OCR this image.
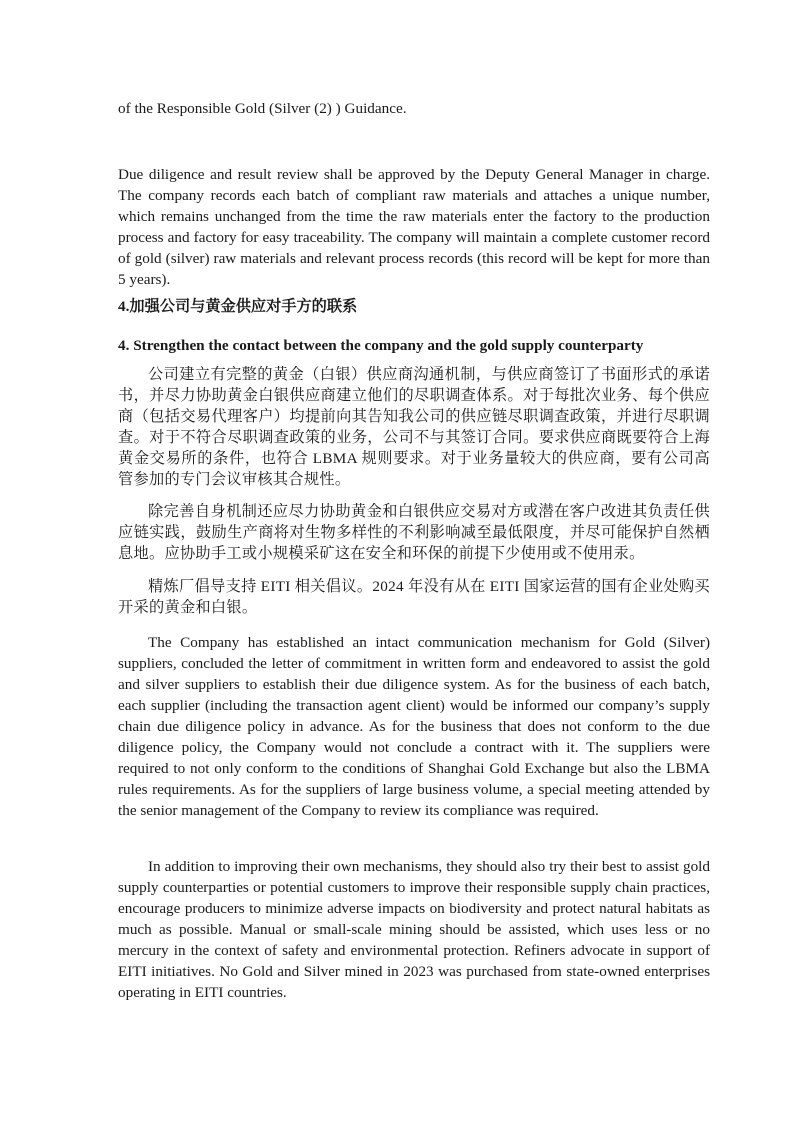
of the Responsible Gold (Silver (2) ) Guidance.

Due diligence and result review shall be approved by the Deputy General Manager in charge. The company records each batch of compliant raw materials and attaches a unique number, which remains unchanged from the time the raw materials enter the factory to the production process and factory for easy traceability. The company will maintain a complete customer record of gold (silver) raw materials and relevant process records (this record will be kept for more than 5 years).

4.加强公司与黄金供应对手方的联系

4. Strengthen the contact between the company and the gold supply counterparty

公司建立有完整的黄金（白银）供应商沟通机制，与供应商签订了书面形式的承诺书，并尽力协助黄金白银供应商建立他们的尽职调查体系。对于每批次业务、每个供应商（包括交易代理客户）均提前向其告知我公司的供应链尽职调查政策，并进行尽职调查。对于不符合尽职调查政策的业务，公司不与其签订合同。要求供应商既要符合上海黄金交易所的条件，也符合 LBMA 规则要求。对于业务量较大的供应商，要有公司高管参加的专门会议审核其合规性。

除完善自身机制还应尽力协助黄金和白银供应交易对方或潜在客户改进其负责任供应链实践，鼓励生产商将对生物多样性的不利影响减至最低限度，并尽可能保护自然栖息地。应协助手工或小规模采矿这在安全和环保的前提下少使用或不使用汞。

精炼厂倡导支持 EITI 相关倡议。2024 年没有从在 EITI 国家运营的国有企业处购买开采的黄金和白银。

The Company has established an intact communication mechanism for Gold (Silver) suppliers, concluded the letter of commitment in written form and endeavored to assist the gold and silver suppliers to establish their due diligence system. As for the business of each batch, each supplier (including the transaction agent client) would be informed our company’s supply chain due diligence policy in advance. As for the business that does not conform to the due diligence policy, the Company would not conclude a contract with it. The suppliers were required to not only conform to the conditions of Shanghai Gold Exchange but also the LBMA rules requirements. As for the suppliers of large business volume, a special meeting attended by the senior management of the Company to review its compliance was required.

In addition to improving their own mechanisms, they should also try their best to assist gold supply counterparties or potential customers to improve their responsible supply chain practices, encourage producers to minimize adverse impacts on biodiversity and protect natural habitats as much as possible. Manual or small-scale mining should be assisted, which uses less or no mercury in the context of safety and environmental protection. Refiners advocate in support of EITI initiatives. No Gold and Silver mined in 2023 was purchased from state-owned enterprises operating in EITI countries.
